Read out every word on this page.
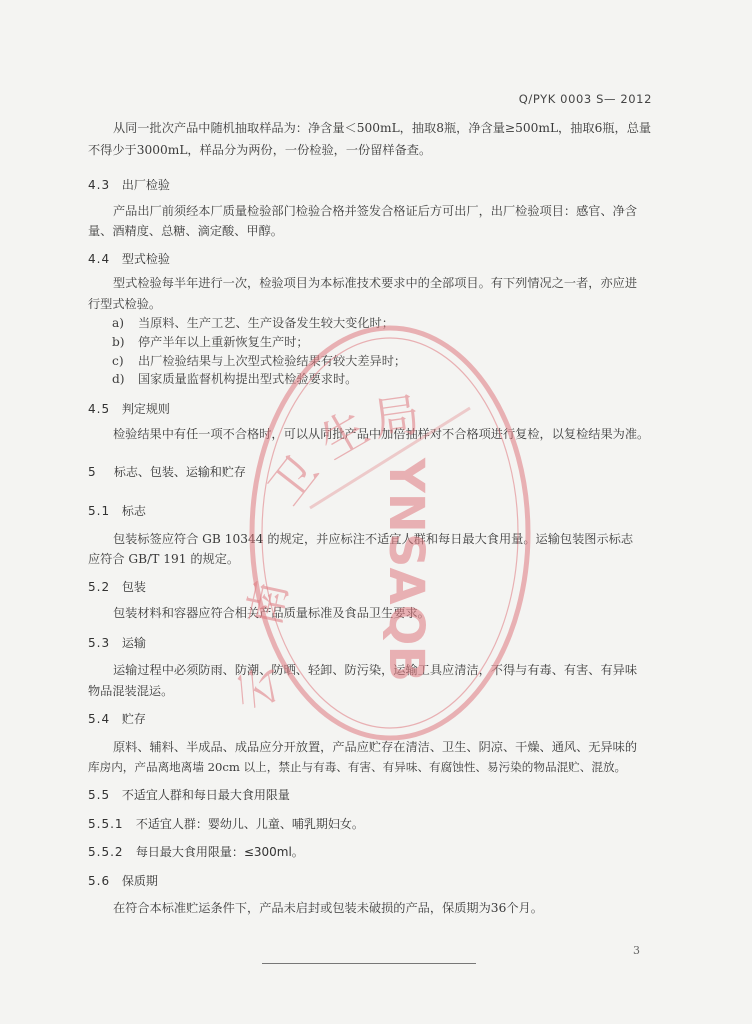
Q/PYK 0003 S— 2012
从同一批次产品中随机抽取样品为：净含量＜500mL，抽取8瓶，净含量≥500mL，抽取6瓶，总量
不得少于3000mL，样品分为两份，一份检验，一份留样备查。
4.3 出厂检验
产品出厂前须经本厂质量检验部门检验合格并签发合格证后方可出厂，出厂检验项目：感官、净含
量、酒精度、总糖、滴定酸、甲醇。
4.4 型式检验
型式检验每半年进行一次，检验项目为本标准技术要求中的全部项目。有下列情况之一者，亦应进
行型式检验。
a) 当原料、生产工艺、生产设备发生较大变化时；
b) 停产半年以上重新恢复生产时；
c) 出厂检验结果与上次型式检验结果有较大差异时；
d) 国家质量监督机构提出型式检验要求时。
4.5 判定规则
检验结果中有任一项不合格时，可以从同批产品中加倍抽样对不合格项进行复检，以复检结果为准。
5 标志、包装、运输和贮存
5.1 标志
包装标签应符合 GB 10344 的规定，并应标注不适宜人群和每日最大食用量。运输包装图示标志
应符合 GB/T 191 的规定。
5.2 包装
包装材料和容器应符合相关产品质量标准及食品卫生要求。
5.3 运输
运输过程中必须防雨、防潮、防晒、轻卸、防污染，运输工具应清洁，不得与有毒、有害、有异味
物品混装混运。
5.4 贮存
原料、辅料、半成品、成品应分开放置，产品应贮存在清洁、卫生、阴凉、干燥、通风、无异味的
库房内，产品离地离墙 20cm 以上，禁止与有毒、有害、有异味、有腐蚀性、易污染的物品混贮、混放。
5.5 不适宜人群和每日最大食用限量
5.5.1 不适宜人群：婴幼儿、儿童、哺乳期妇女。
5.5.2 每日最大食用限量：≤300ml。
5.6 保质期
在符合本标准贮运条件下，产品未启封或包装未破损的产品，保质期为36个月。
3
卫
生
局
南
云
YNSAQB
